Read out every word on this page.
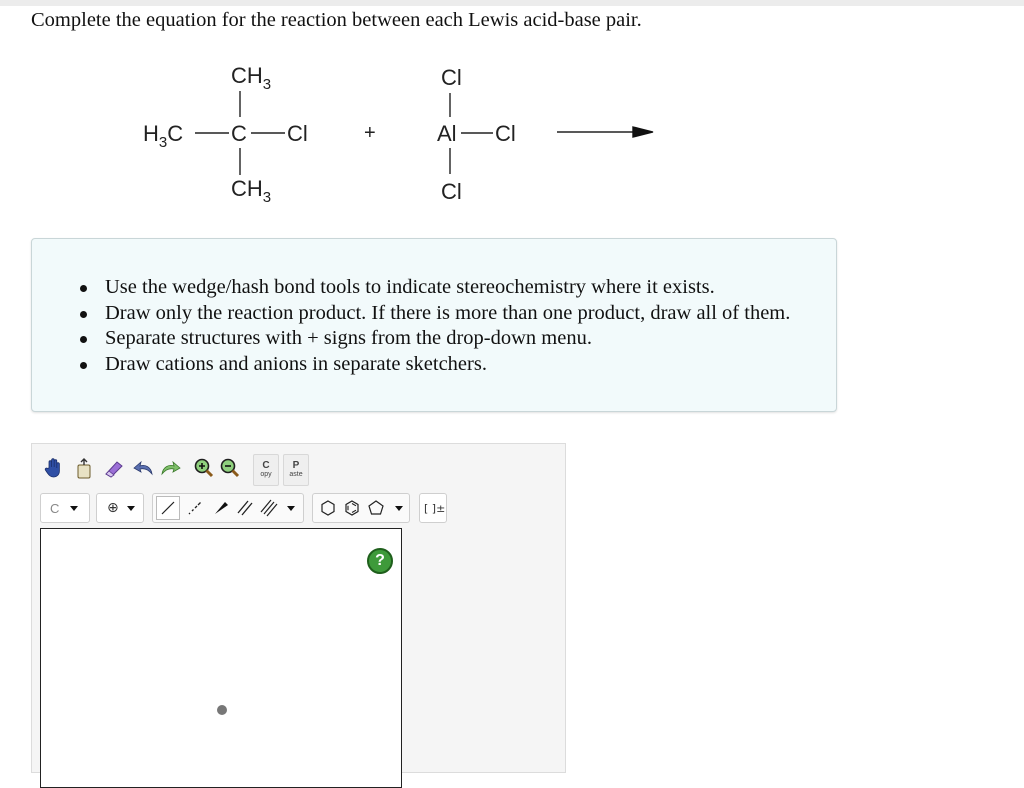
Complete the equation for the reaction between each Lewis acid-base pair.
$CH_3$
$H_3C$ C Cl
$CH_3$
+
Cl
Al Cl
Cl
Use the wedge/hash bond tools to indicate stereochemistry where it exists.
Draw only the reaction product. If there is more than one product, draw all of them.
Separate structures with + signs from the drop-down menu.
Draw cations and anions in separate sketchers.
C
opy
P
aste
C	⊕	[ ]±
?
